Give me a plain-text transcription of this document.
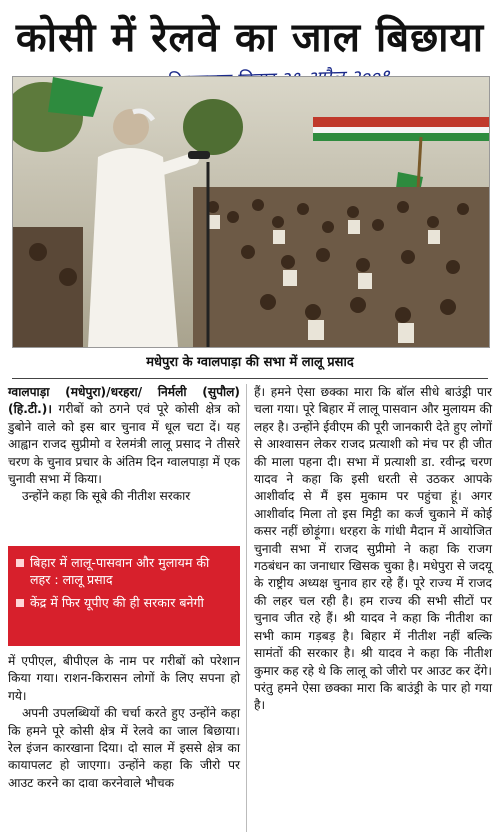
कोसी में रेलवे का जाल बिछाया
मधेपुरा के ग्वालपाड़ा की सभा में लालू प्रसाद

ग्वालपाड़ा (मधेपुरा)/धरहरा/ निर्मली (सुपौल) (हि.टी.)। गरीबों को ठगने एवं पूरे कोसी क्षेत्र को डुबोने वाले को इस बार चुनाव में धूल चटा दें। यह आह्वान राजद सुप्रीमो व रेलमंत्री लालू प्रसाद ने तीसरे चरण के चुनाव प्रचार के अंतिम दिन ग्वालपाड़ा में एक चुनावी सभा में किया।

उन्होंने कहा कि सूबे की नीतीश सरकार

बिहार में लालू-पासवान और मुलायम की लहर : लालू प्रसाद
केंद्र में फिर यूपीए की ही सरकार बनेगी

में एपीएल, बीपीएल के नाम पर गरीबों को परेशान किया गया। राशन-किरासन लोगों के लिए सपना हो गये।

अपनी उपलब्धियों की चर्चा करते हुए उन्होंने कहा कि हमने पूरे कोसी क्षेत्र में रेलवे का जाल बिछाया। रेल इंजन कारखाना दिया। दो साल में इससे क्षेत्र का कायापलट हो जाएगा। उन्होंने कहा कि जीरो पर आउट करने का दावा करनेवाले भौचक

हैं। हमने ऐसा छक्का मारा कि बॉल सीधे बाउंड्री पार चला गया। पूरे बिहार में लालू पासवान और मुलायम की लहर है। उन्होंने ईवीएम की पूरी जानकारी देते हुए लोगों से आश्वासन लेकर राजद प्रत्याशी को मंच पर ही जीत की माला पहना दी। सभा में प्रत्याशी डा. रवीन्द्र चरण यादव ने कहा कि इसी धरती से उठकर आपके आशीर्वाद से मैं इस मुकाम पर पहुंचा हूं। अगर आशीर्वाद मिला तो इस मिट्टी का कर्ज चुकाने में कोई कसर नहीं छोड़ूंगा। धरहरा के गांधी मैदान में आयोजित चुनावी सभा में राजद सुप्रीमो ने कहा कि राजग गठबंधन का जनाधार खिसक चुका है। मधेपुरा से जदयू के राष्ट्रीय अध्यक्ष चुनाव हार रहे हैं। पूरे राज्य में राजद की लहर चल रही है। हम राज्य की सभी सीटों पर चुनाव जीत रहे हैं। श्री यादव ने कहा कि नीतीश का सभी काम गड़बड़ है। बिहार में नीतीश नहीं बल्कि सामंतों की सरकार है। श्री यादव ने कहा कि नीतीश कुमार कह रहे थे कि लालू को जीरो पर आउट कर देंगे। परंतु हमने ऐसा छक्का मारा कि बाउंड्री के पार हो गया है।
